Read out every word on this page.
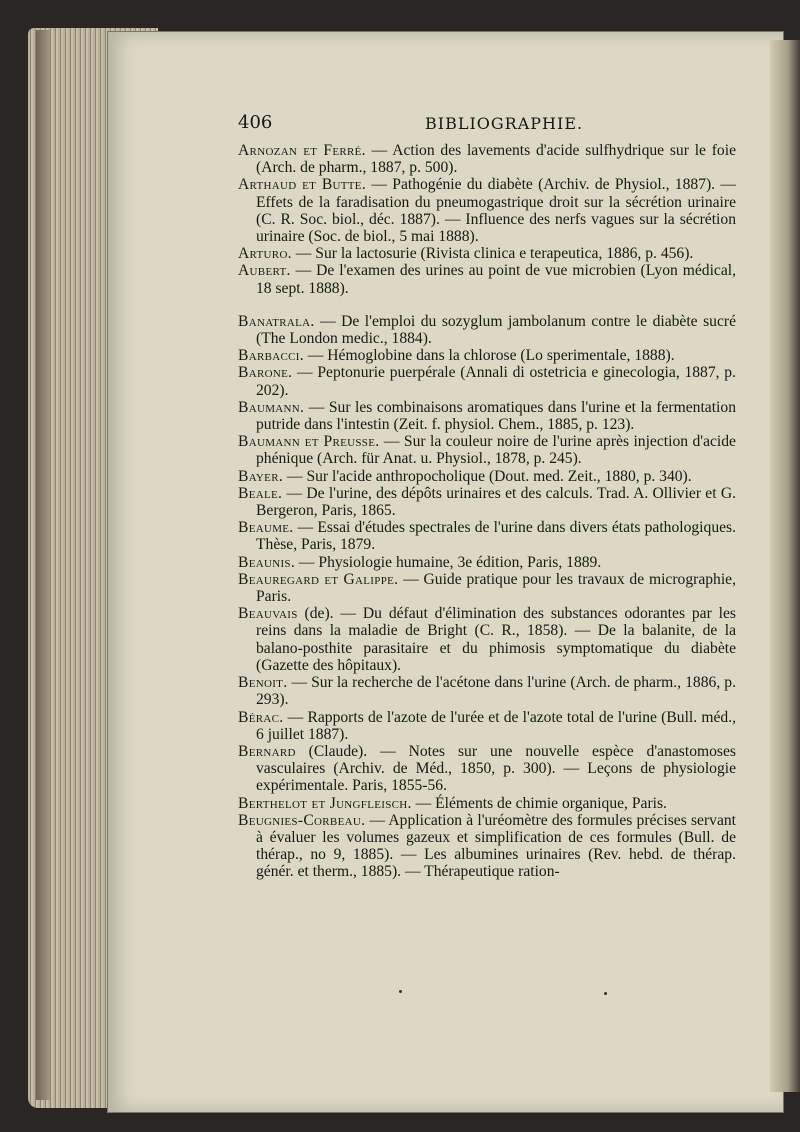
406	BIBLIOGRAPHIE.

Arnozan et Ferré. — Action des lavements d'acide sulfhydrique sur le foie (Arch. de pharm., 1887, p. 500).

Arthaud et Butte. — Pathogénie du diabète (Archiv. de Physiol., 1887). — Effets de la faradisation du pneumogastrique droit sur la sécrétion urinaire (C. R. Soc. biol., déc. 1887). — Influence des nerfs vagues sur la sécrétion urinaire (Soc. de biol., 5 mai 1888).

Arturo. — Sur la lactosurie (Rivista clinica e terapeutica, 1886, p. 456).

Aubert. — De l'examen des urines au point de vue microbien (Lyon médical, 18 sept. 1888).

Banatrala. — De l'emploi du sozyglum jambolanum contre le diabète sucré (The London medic., 1884).

Barbacci. — Hémoglobine dans la chlorose (Lo sperimentale, 1888).

Barone. — Peptonurie puerpérale (Annali di ostetricia e ginecologia, 1887, p. 202).

Baumann. — Sur les combinaisons aromatiques dans l'urine et la fermentation putride dans l'intestin (Zeit. f. physiol. Chem., 1885, p. 123).

Baumann et Preusse. — Sur la couleur noire de l'urine après injection d'acide phénique (Arch. für Anat. u. Physiol., 1878, p. 245).

Bayer. — Sur l'acide anthropocholique (Dout. med. Zeit., 1880, p. 340).

Beale. — De l'urine, des dépôts urinaires et des calculs. Trad. A. Ollivier et G. Bergeron, Paris, 1865.

Beaume. — Essai d'études spectrales de l'urine dans divers états pathologiques. Thèse, Paris, 1879.

Beaunis. — Physiologie humaine, 3e édition, Paris, 1889.

Beauregard et Galippe. — Guide pratique pour les travaux de micrographie, Paris.

Beauvais (de). — Du défaut d'élimination des substances odorantes par les reins dans la maladie de Bright (C. R., 1858). — De la balanite, de la balano-posthite parasitaire et du phimosis symptomatique du diabète (Gazette des hôpitaux).

Benoit. — Sur la recherche de l'acétone dans l'urine (Arch. de pharm., 1886, p. 293).

Bérac. — Rapports de l'azote de l'urée et de l'azote total de l'urine (Bull. méd., 6 juillet 1887).

Bernard (Claude). — Notes sur une nouvelle espèce d'anastomoses vasculaires (Archiv. de Méd., 1850, p. 300). — Leçons de physiologie expérimentale. Paris, 1855-56.

Berthelot et Jungfleisch. — Éléments de chimie organique, Paris.

Beugnies-Corbeau. — Application à l'uréomètre des formules précises servant à évaluer les volumes gazeux et simplification de ces formules (Bull. de thérap., no 9, 1885). — Les albumines urinaires (Rev. hebd. de thérap. génér. et therm., 1885). — Thérapeutique ration-
